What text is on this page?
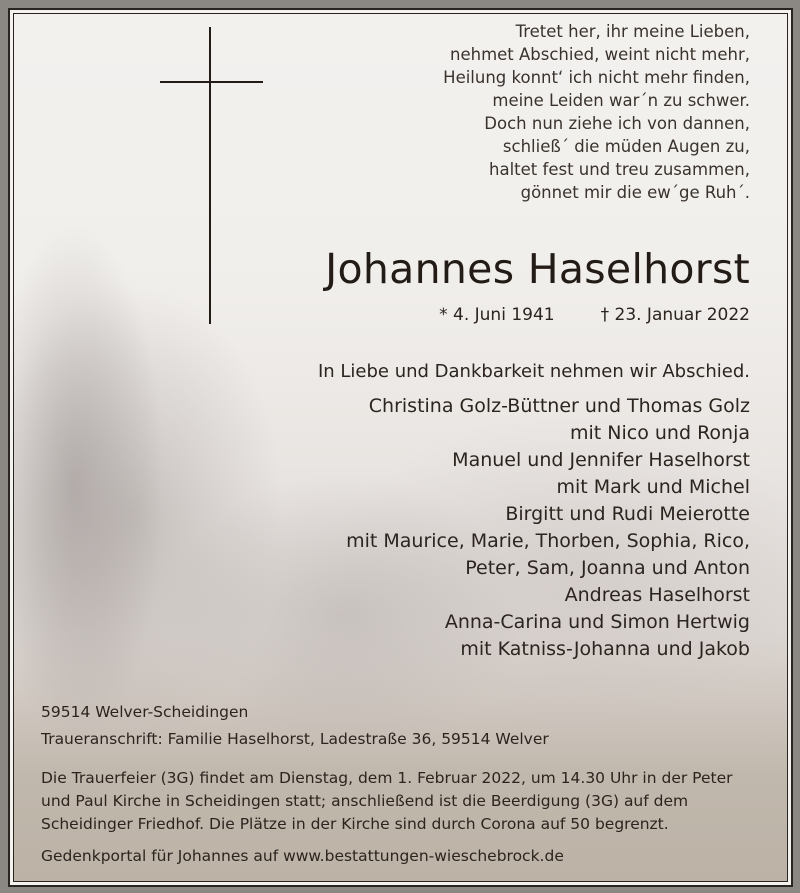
Tretet her, ihr meine Lieben,
nehmet Abschied, weint nicht mehr,
Heilung konnt‘ ich nicht mehr finden,
meine Leiden war´n zu schwer.
Doch nun ziehe ich von dannen,
schließ´ die müden Augen zu,
haltet fest und treu zusammen,
gönnet mir die ew´ge Ruh´.
Johannes Haselhorst
* 4. Juni 1941	† 23. Januar 2022
In Liebe und Dankbarkeit nehmen wir Abschied.
Christina Golz-Büttner und Thomas Golz
mit Nico und Ronja
Manuel und Jennifer Haselhorst
mit Mark und Michel
Birgitt und Rudi Meierotte
mit Maurice, Marie, Thorben, Sophia, Rico,
Peter, Sam, Joanna und Anton
Andreas Haselhorst
Anna-Carina und Simon Hertwig
mit Katniss-Johanna und Jakob
59514 Welver-Scheidingen
Traueranschrift: Familie Haselhorst, Ladestraße 36, 59514 Welver
Die Trauerfeier (3G) findet am Dienstag, dem 1. Februar 2022, um 14.30 Uhr in der Peter
und Paul Kirche in Scheidingen statt; anschließend ist die Beerdigung (3G) auf dem
Scheidinger Friedhof. Die Plätze in der Kirche sind durch Corona auf 50 begrenzt.
Gedenkportal für Johannes auf www.bestattungen-wieschebrock.de
